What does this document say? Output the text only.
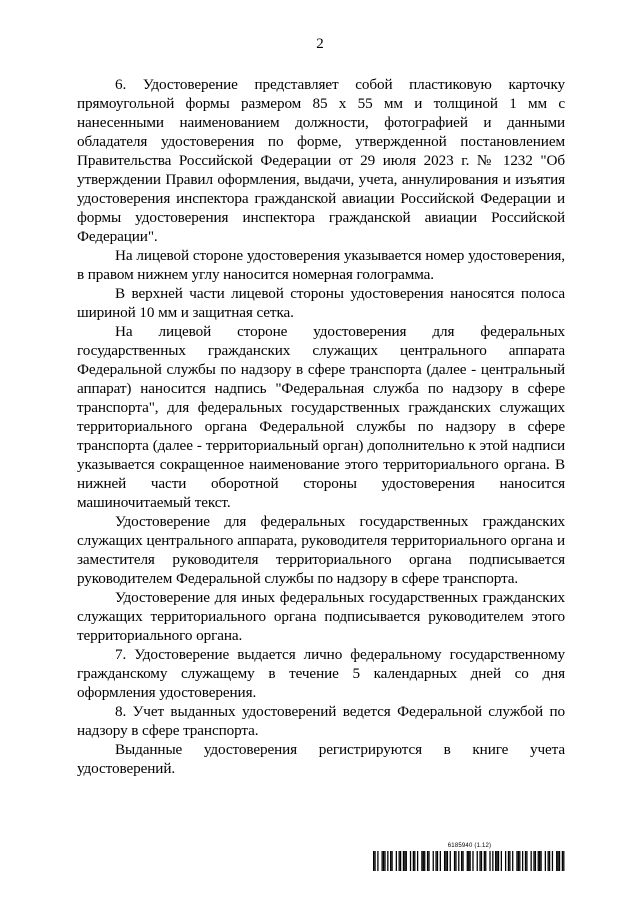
2

6. Удостоверение представляет собой пластиковую карточку прямоугольной формы размером 85 х 55 мм и толщиной 1 мм с нанесенными наименованием должности, фотографией и данными обладателя удостоверения по форме, утвержденной постановлением Правительства Российской Федерации от 29 июля 2023 г. № 1232 "Об утверждении Правил оформления, выдачи, учета, аннулирования и изъятия удостоверения инспектора гражданской авиации Российской Федерации и формы удостоверения инспектора гражданской авиации Российской Федерации".

На лицевой стороне удостоверения указывается номер удостоверения, в правом нижнем углу наносится номерная голограмма.

В верхней части лицевой стороны удостоверения наносятся полоса шириной 10 мм и защитная сетка.

На лицевой стороне удостоверения для федеральных государственных гражданских служащих центрального аппарата Федеральной службы по надзору в сфере транспорта (далее - центральный аппарат) наносится надпись "Федеральная служба по надзору в сфере транспорта", для федеральных государственных гражданских служащих территориального органа Федеральной службы по надзору в сфере транспорта (далее - территориальный орган) дополнительно к этой надписи указывается сокращенное наименование этого территориального органа. В нижней части оборотной стороны удостоверения наносится машиночитаемый текст.

Удостоверение для федеральных государственных гражданских служащих центрального аппарата, руководителя территориального органа и заместителя руководителя территориального органа подписывается руководителем Федеральной службы по надзору в сфере транспорта.

Удостоверение для иных федеральных государственных гражданских служащих территориального органа подписывается руководителем этого территориального органа.

7. Удостоверение выдается лично федеральному государственному гражданскому служащему в течение 5 календарных дней со дня оформления удостоверения.

8. Учет выданных удостоверений ведется Федеральной службой по надзору в сфере транспорта.

Выданные удостоверения регистрируются в книге учета удостоверений.

6185940 (1.12)
